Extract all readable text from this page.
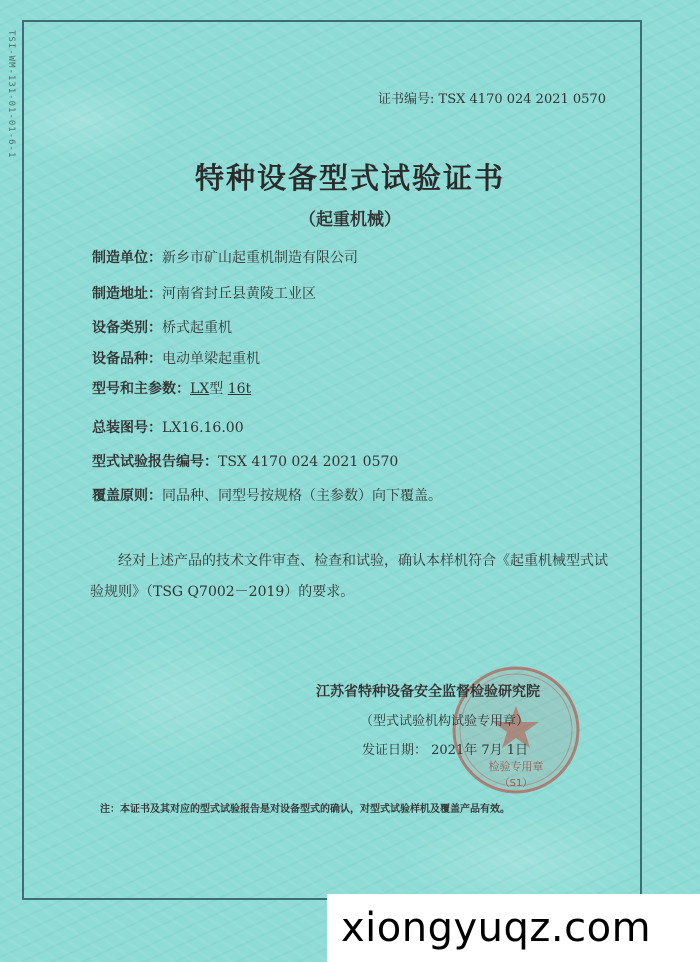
TSI-WM-131-01-01-6-1	证书编号: TSX 4170 024 2021 0570
特种设备型式试验证书
（起重机械）
制造单位：新乡市矿山起重机制造有限公司
制造地址：河南省封丘县黄陵工业区
设备类别：桥式起重机
设备品种：电动单梁起重机
型号和主参数：LX型 16t
总装图号：LX16.16.00
型式试验报告编号：TSX 4170 024 2021 0570
覆盖原则：同品种、同型号按规格（主参数）向下覆盖。
经对上述产品的技术文件审查、检查和试验，确认本样机符合《起重机械型式试验规则》（TSG Q7002－2019）的要求。
检验专用章
（S1）
江苏省特种设备安全监督检验研究院
（型式试验机构试验专用章）
发证日期： 2021年 7月 1日
注：本证书及其对应的型式试验报告是对设备型式的确认，对型式试验样机及覆盖产品有效。
xiongyuqz.com
